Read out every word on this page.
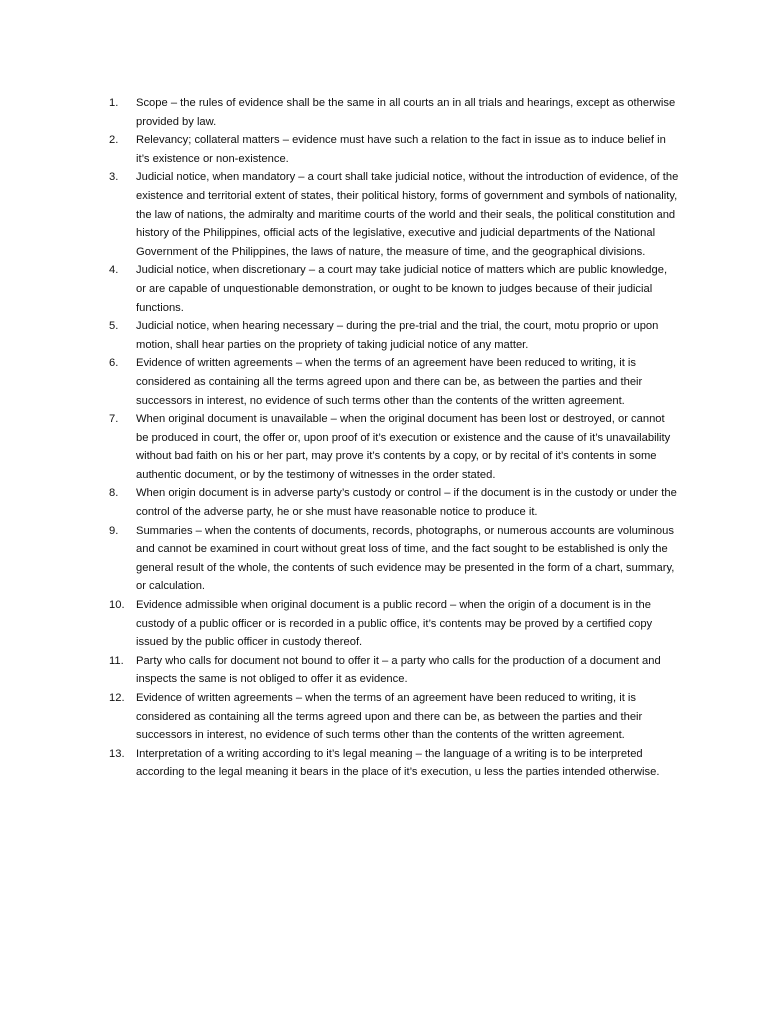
1.	Scope – the rules of evidence shall be the same in all courts an in all trials and hearings, except as otherwise provided by law.
2.	Relevancy; collateral matters – evidence must have such a relation to the fact in issue as to induce belief in it’s existence or non-existence.
3.	Judicial notice, when mandatory – a court shall take judicial notice, without the introduction of evidence, of the existence and territorial extent of states, their political history, forms of government and symbols of nationality, the law of nations, the admiralty and maritime courts of the world and their seals, the political constitution and history of the Philippines, official acts of the legislative, executive and judicial departments of the National Government of the Philippines, the laws of nature, the measure of time, and the geographical divisions.
4.	Judicial notice, when discretionary – a court may take judicial notice of matters which are public knowledge, or are capable of unquestionable demonstration, or ought to be known to judges because of their judicial functions.
5.	Judicial notice, when hearing necessary – during the pre-trial and the trial, the court, motu proprio or upon motion, shall hear parties on the propriety of taking judicial notice of any matter.
6.	Evidence of written agreements – when the terms of an agreement have been reduced to writing, it is considered as containing all the terms agreed upon and there can be, as between the parties and their successors in interest, no evidence of such terms other than the contents of the written agreement.
7.	When original document is unavailable – when the original document has been lost or destroyed, or cannot be produced in court, the offer or, upon proof of it’s execution or existence and the cause of it’s unavailability without bad faith on his or her part, may prove it’s contents by a copy, or by recital of it’s contents in some authentic document, or by the testimony of witnesses in the order stated.
8.	When origin document is in adverse party’s custody or control – if the document is in the custody or under the control of the adverse party, he or she must have reasonable notice to produce it.
9.	Summaries – when the contents of documents, records, photographs, or numerous accounts are voluminous and cannot be examined in court without great loss of time, and the fact sought to be established is only the general result of the whole, the contents of such evidence may be presented in the form of a chart, summary, or calculation.
10.	Evidence admissible when original document is a public record – when the origin of a document is in the custody of a public officer or is recorded in a public office, it’s contents may be proved by a certified copy issued by the public officer in custody thereof.
11.	Party who calls for document not bound to offer it – a party who calls for the production of a document and inspects the same is not obliged to offer it as evidence.
12.	Evidence of written agreements – when the terms of an agreement have been reduced to writing, it is considered as containing all the terms agreed upon and there can be, as between the parties and their successors in interest, no evidence of such terms other than the contents of the written agreement.
13.	Interpretation of a writing according to it’s legal meaning – the language of a writing is to be interpreted according to the legal meaning it bears in the place of it’s execution, u less the parties intended otherwise.
